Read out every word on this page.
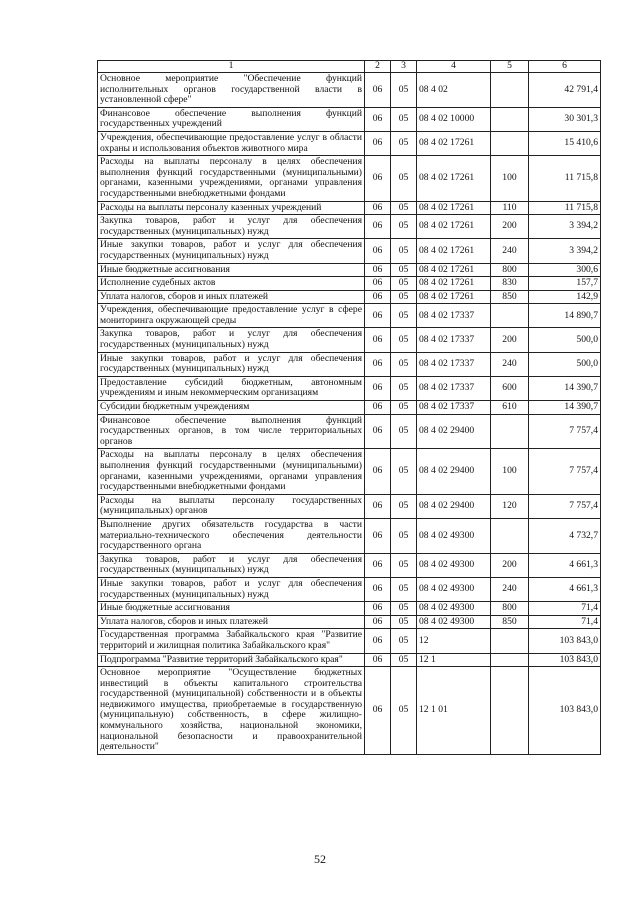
1	2	3	4	5	6
Основное мероприятие "Обеспечение функций исполнительных органов государственной власти в установленной сфере"	06	05	08 4 02		42 791,4
Финансовое обеспечение выполнения функций государственных учреждений	06	05	08 4 02 10000		30 301,3
Учреждения, обеспечивающие предоставление услуг в области охраны и использования объектов животного мира	06	05	08 4 02 17261		15 410,6
Расходы на выплаты персоналу в целях обеспечения выполнения функций государственными (муниципальными) органами, казенными учреждениями, органами управления государственными внебюджетными фондами	06	05	08 4 02 17261	100	11 715,8
Расходы на выплаты персоналу казенных учреждений	06	05	08 4 02 17261	110	11 715,8
Закупка товаров, работ и услуг для обеспечения государственных (муниципальных) нужд	06	05	08 4 02 17261	200	3 394,2
Иные закупки товаров, работ и услуг для обеспечения государственных (муниципальных) нужд	06	05	08 4 02 17261	240	3 394,2
Иные бюджетные ассигнования	06	05	08 4 02 17261	800	300,6
Исполнение судебных актов	06	05	08 4 02 17261	830	157,7
Уплата налогов, сборов и иных платежей	06	05	08 4 02 17261	850	142,9
Учреждения, обеспечивающие предоставление услуг в сфере мониторинга окружающей среды	06	05	08 4 02 17337		14 890,7
Закупка товаров, работ и услуг для обеспечения государственных (муниципальных) нужд	06	05	08 4 02 17337	200	500,0
Иные закупки товаров, работ и услуг для обеспечения государственных (муниципальных) нужд	06	05	08 4 02 17337	240	500,0
Предоставление субсидий бюджетным, автономным учреждениям и иным некоммерческим организациям	06	05	08 4 02 17337	600	14 390,7
Субсидии бюджетным учреждениям	06	05	08 4 02 17337	610	14 390,7
Финансовое обеспечение выполнения функций государственных органов, в том числе территориальных органов	06	05	08 4 02 29400		7 757,4
Расходы на выплаты персоналу в целях обеспечения выполнения функций государственными (муниципальными) органами, казенными учреждениями, органами управления государственными внебюджетными фондами	06	05	08 4 02 29400	100	7 757,4
Расходы на выплаты персоналу государственных (муниципальных) органов	06	05	08 4 02 29400	120	7 757,4
Выполнение других обязательств государства в части материально-технического обеспечения деятельности государственного органа	06	05	08 4 02 49300		4 732,7
Закупка товаров, работ и услуг для обеспечения государственных (муниципальных) нужд	06	05	08 4 02 49300	200	4 661,3
Иные закупки товаров, работ и услуг для обеспечения государственных (муниципальных) нужд	06	05	08 4 02 49300	240	4 661,3
Иные бюджетные ассигнования	06	05	08 4 02 49300	800	71,4
Уплата налогов, сборов и иных платежей	06	05	08 4 02 49300	850	71,4
Государственная программа Забайкальского края "Развитие территорий и жилищная политика Забайкальского края"	06	05	12		103 843,0
Подпрограмма "Развитие территорий Забайкальского края"	06	05	12 1		103 843,0
Основное мероприятие "Осуществление бюджетных инвестиций в объекты капитального строительства государственной (муниципальной) собственности и в объекты недвижимого имущества, приобретаемые в государственную (муниципальную) собственность, в сфере жилищно-коммунального хозяйства, национальной экономики, национальной безопасности и правоохранительной деятельности"	06	05	12 1 01		103 843,0
52
